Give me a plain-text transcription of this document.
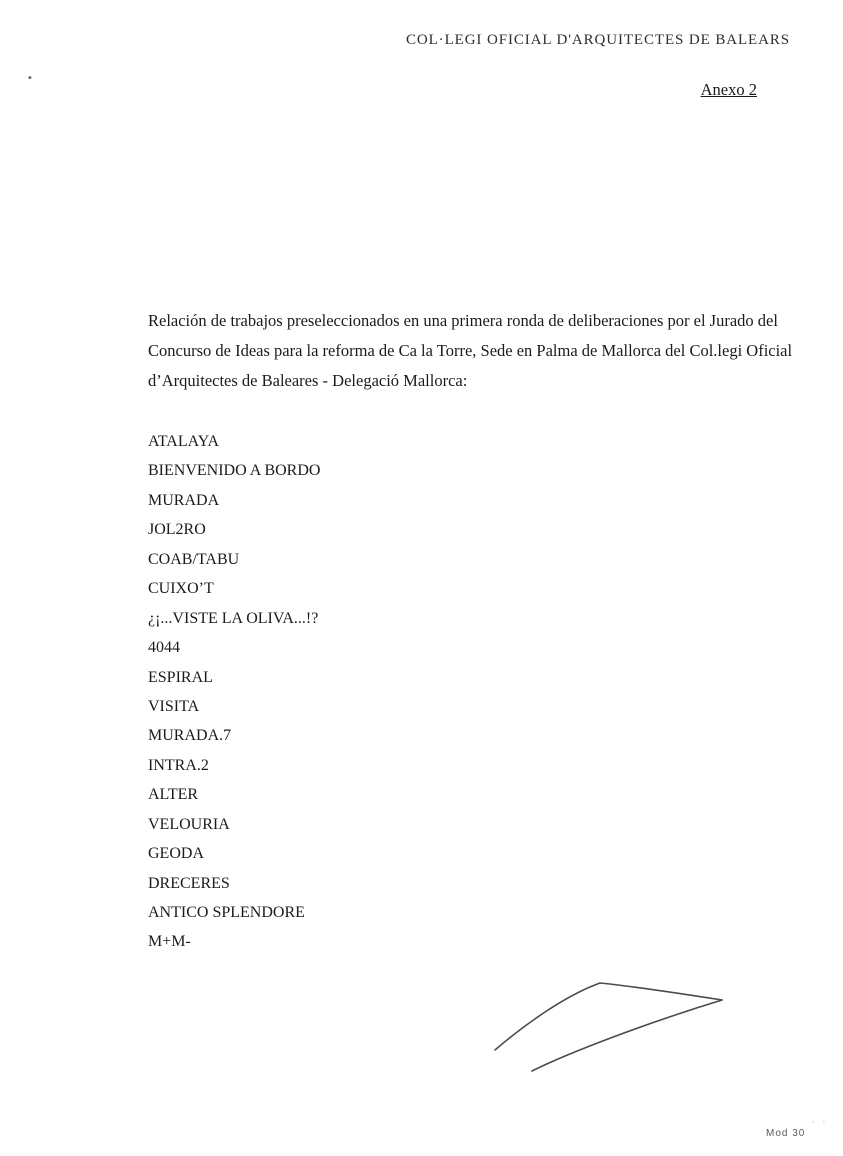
COL·LEGI OFICIAL D'ARQUITECTES DE BALEARS
Anexo 2
▪
Relación de trabajos preseleccionados en una primera ronda de deliberaciones por el Jurado del
Concurso de Ideas para la reforma de Ca la Torre, Sede en Palma de Mallorca del Col.legi Oficial
d’Arquitectes de Baleares - Delegació Mallorca:
ATALAYA
BIENVENIDO A BORDO
MURADA
JOL2RO
COAB/TABU
CUIXO’T
¿¡...VISTE LA OLIVA...!?
4044
ESPIRAL
VISITA
MURADA.7
INTRA.2
ALTER
VELOURIA
GEODA
DRECERES
ANTICO SPLENDORE
M+M-
Mod 30
· ·
